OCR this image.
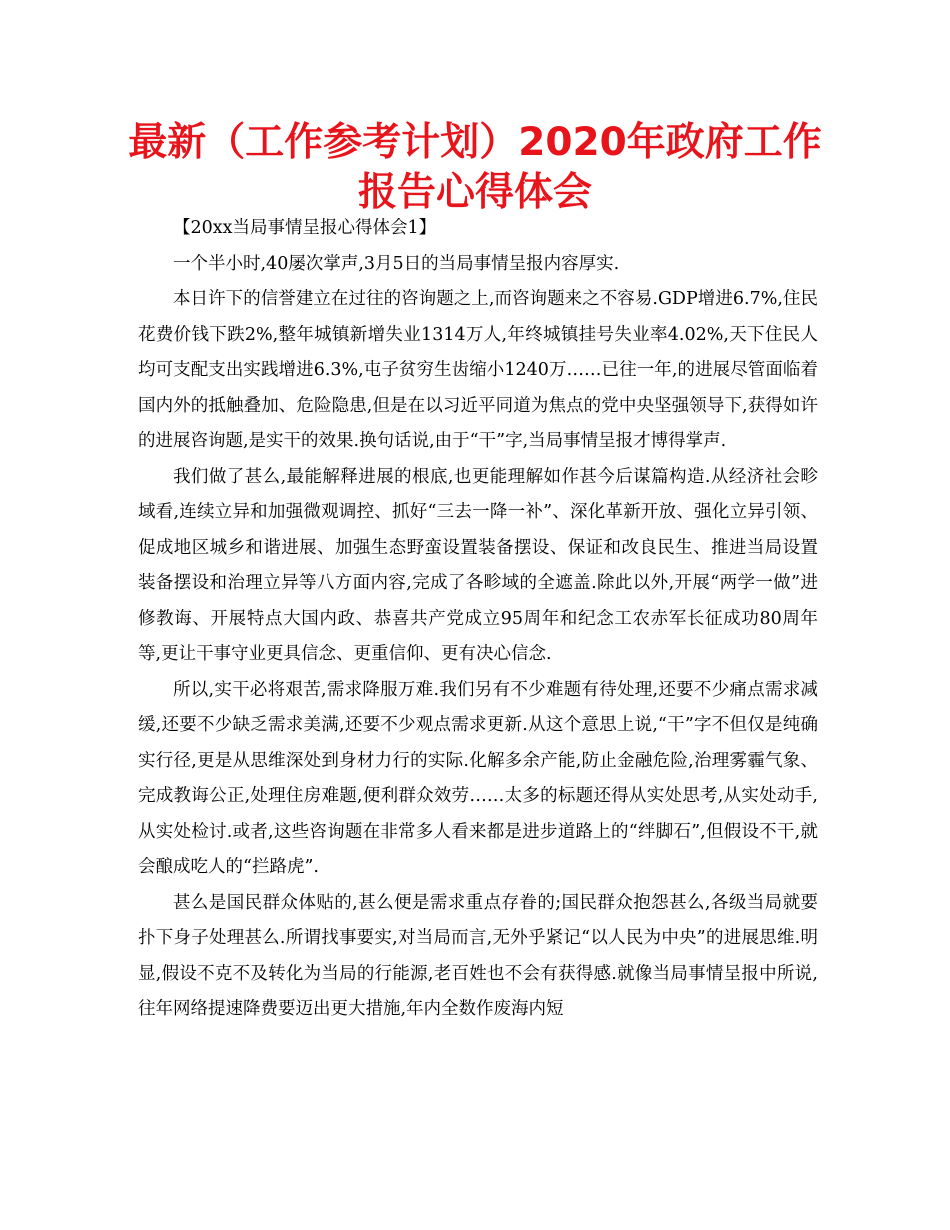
最新（工作参考计划）2020年政府工作报告心得体会

【20xx当局事情呈报心得体会1】

一个半小时,40屡次掌声,3月5日的当局事情呈报内容厚实.

本日许下的信誉建立在过往的咨询题之上,而咨询题来之不容易.GDP增进6.7%,住民花费价钱下跌2%,整年城镇新增失业1314万人,年终城镇挂号失业率4.02%,天下住民人均可支配支出实践增进6.3%,屯子贫穷生齿缩小1240万……已往一年,的进展尽管面临着国内外的抵触叠加、危险隐患,但是在以习近平同道为焦点的党中央坚强领导下,获得如许的进展咨询题,是实干的效果.换句话说,由于“干”字,当局事情呈报才博得掌声.

我们做了甚么,最能解释进展的根底,也更能理解如作甚今后谋篇构造.从经济社会畛域看,连续立异和加强微观调控、抓好“三去一降一补”、深化革新开放、强化立异引领、促成地区城乡和谐进展、加强生态野蛮设置装备摆设、保证和改良民生、推进当局设置装备摆设和治理立异等八方面内容,完成了各畛域的全遮盖.除此以外,开展“两学一做”进修教诲、开展特点大国内政、恭喜共产党成立95周年和纪念工农赤军长征成功80周年等,更让干事守业更具信念、更重信仰、更有决心信念.

所以,实干必将艰苦,需求降服万难.我们另有不少难题有待处理,还要不少痛点需求减缓,还要不少缺乏需求美满,还要不少观点需求更新.从这个意思上说,“干”字不但仅是纯确实行径,更是从思维深处到身材力行的实际.化解多余产能,防止金融危险,治理雾霾气象、完成教诲公正,处理住房难题,便利群众效劳……太多的标题还得从实处思考,从实处动手,从实处检讨.或者,这些咨询题在非常多人看来都是进步道路上的“绊脚石”,但假设不干,就会酿成吃人的“拦路虎”.

甚么是国民群众体贴的,甚么便是需求重点存眷的;国民群众抱怨甚么,各级当局就要扑下身子处理甚么.所谓找事要实,对当局而言,无外乎紧记“以人民为中央”的进展思维.明显,假设不克不及转化为当局的行能源,老百姓也不会有获得感.就像当局事情呈报中所说,往年网络提速降费要迈出更大措施,年内全数作废海内短
